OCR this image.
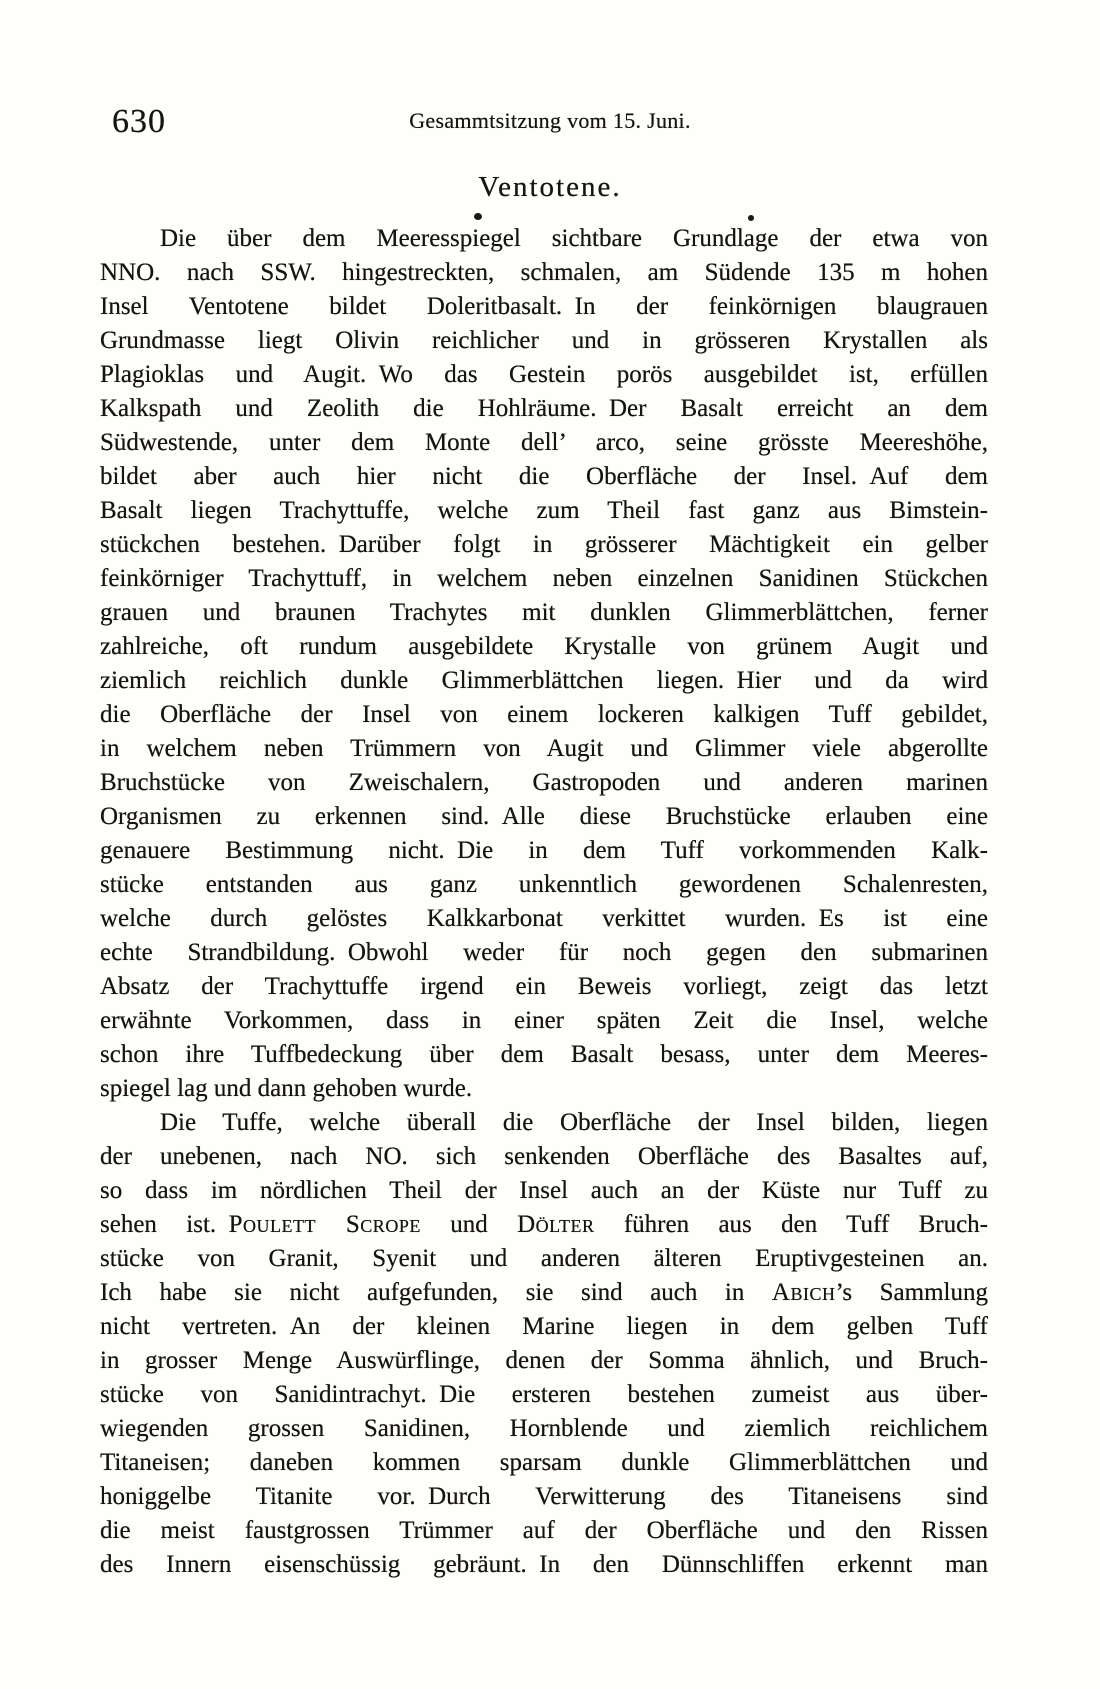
630	Gesammtsitzung vom 15. Juni.
Ventotene.
Die über dem Meeresspiegel sichtbare Grundlage der etwa von
NNO. nach SSW. hingestreckten, schmalen, am Südende 135 m hohen
Insel Ventotene bildet Doleritbasalt. In der feinkörnigen blaugrauen
Grundmasse liegt Olivin reichlicher und in grösseren Krystallen als
Plagioklas und Augit. Wo das Gestein porös ausgebildet ist, erfüllen
Kalkspath und Zeolith die Hohlräume. Der Basalt erreicht an dem
Südwestende, unter dem Monte dell’ arco, seine grösste Meereshöhe,
bildet aber auch hier nicht die Oberfläche der Insel. Auf dem
Basalt liegen Trachyttuffe, welche zum Theil fast ganz aus Bimstein-
stückchen bestehen. Darüber folgt in grösserer Mächtigkeit ein gelber
feinkörniger Trachyttuff, in welchem neben einzelnen Sanidinen Stückchen
grauen und braunen Trachytes mit dunklen Glimmerblättchen, ferner
zahlreiche, oft rundum ausgebildete Krystalle von grünem Augit und
ziemlich reichlich dunkle Glimmerblättchen liegen. Hier und da wird
die Oberfläche der Insel von einem lockeren kalkigen Tuff gebildet,
in welchem neben Trümmern von Augit und Glimmer viele abgerollte
Bruchstücke von Zweischalern, Gastropoden und anderen marinen
Organismen zu erkennen sind. Alle diese Bruchstücke erlauben eine
genauere Bestimmung nicht. Die in dem Tuff vorkommenden Kalk-
stücke entstanden aus ganz unkenntlich gewordenen Schalenresten,
welche durch gelöstes Kalkkarbonat verkittet wurden. Es ist eine
echte Strandbildung. Obwohl weder für noch gegen den submarinen
Absatz der Trachyttuffe irgend ein Beweis vorliegt, zeigt das letzt
erwähnte Vorkommen, dass in einer späten Zeit die Insel, welche
schon ihre Tuffbedeckung über dem Basalt besass, unter dem Meeres-
spiegel lag und dann gehoben wurde.
Die Tuffe, welche überall die Oberfläche der Insel bilden, liegen
der unebenen, nach NO. sich senkenden Oberfläche des Basaltes auf,
so dass im nördlichen Theil der Insel auch an der Küste nur Tuff zu
sehen ist. Poulett Scrope und Dölter führen aus den Tuff Bruch-
stücke von Granit, Syenit und anderen älteren Eruptivgesteinen an.
Ich habe sie nicht aufgefunden, sie sind auch in Abich’s Sammlung
nicht vertreten. An der kleinen Marine liegen in dem gelben Tuff
in grosser Menge Auswürflinge, denen der Somma ähnlich, und Bruch-
stücke von Sanidintrachyt. Die ersteren bestehen zumeist aus über-
wiegenden grossen Sanidinen, Hornblende und ziemlich reichlichem
Titaneisen; daneben kommen sparsam dunkle Glimmerblättchen und
honiggelbe Titanite vor. Durch Verwitterung des Titaneisens sind
die meist faustgrossen Trümmer auf der Oberfläche und den Rissen
des Innern eisenschüssig gebräunt. In den Dünnschliffen erkennt man
